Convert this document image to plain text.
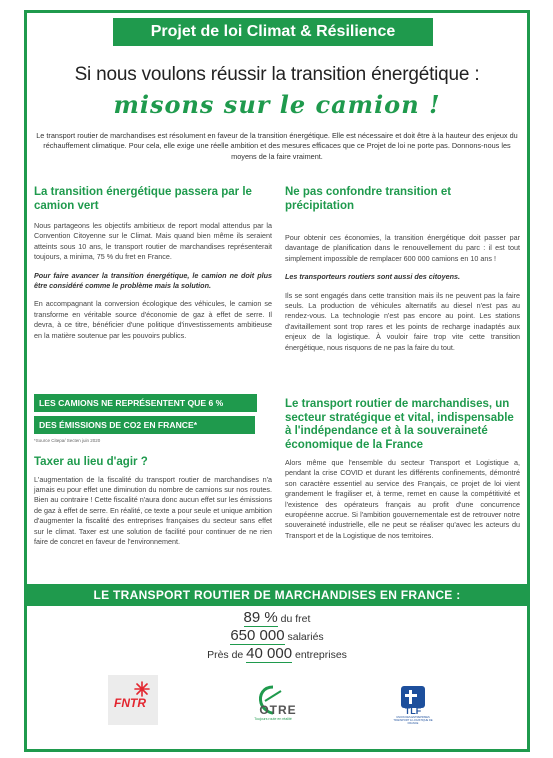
Projet de loi Climat & Résilience
Si nous voulons réussir la transition énergétique :
misons sur le camion !
Le transport routier de marchandises est résolument en faveur de la transition énergétique. Elle est nécessaire et doit être à la hauteur des enjeux du réchauffement climatique. Pour cela, elle exige une réelle ambition et des mesures efficaces que ce Projet de loi ne porte pas. Donnons-nous les moyens de la faire vraiment.
La transition énergétique passera par le camion vert
Nous partageons les objectifs ambitieux de report modal attendus par la Convention Citoyenne sur le Climat. Mais quand bien même ils seraient atteints sous 10 ans, le transport routier de marchandises représenterait toujours, a minima, 75 % du fret en France.
Pour faire avancer la transition énergétique, le camion ne doit plus être considéré comme le problème mais la solution.
En accompagnant la conversion écologique des véhicules, le camion se transforme en véritable source d'économie de gaz à effet de serre. Il devra, à ce titre, bénéficier d'une politique d'investissements ambitieuse en la matière soutenue par les pouvoirs publics.
LES CAMIONS NE REPRÉSENTENT QUE 6 %
DES ÉMISSIONS DE CO2 EN FRANCE*
*Source Citepa/ Secten juin 2020
Taxer au lieu d'agir ?
L'augmentation de la fiscalité du transport routier de marchandises n'a jamais eu pour effet une diminution du nombre de camions sur nos routes. Bien au contraire ! Cette fiscalité n'aura donc aucun effet sur les émissions de gaz à effet de serre. En réalité, ce texte a pour seule et unique ambition d'augmenter la fiscalité des entreprises françaises du secteur sans effet sur le climat. Taxer est une solution de facilité pour continuer de ne rien faire de concret en faveur de l'environnement.
Ne pas confondre transition et précipitation
Pour obtenir ces économies, la transition énergétique doit passer par davantage de planification dans le renouvellement du parc : il est tout simplement impossible de remplacer 600 000 camions en 10 ans !
Les transporteurs routiers sont aussi des citoyens.
Ils se sont engagés dans cette transition mais ils ne peuvent pas la faire seuls. La production de véhicules alternatifs au diesel n'est pas au rendez-vous. La technologie n'est pas encore au point. Les stations d'avitaillement sont trop rares et les points de recharge inadaptés aux enjeux de la logistique. À vouloir faire trop vite cette transition énergétique, nous risquons de ne pas la faire du tout.
Le transport routier de marchandises, un secteur stratégique et vital, indispensable à l'indépendance et à la souveraineté économique de la France
Alors même que l'ensemble du secteur Transport et Logistique a, pendant la crise COVID et durant les différents confinements, démontré son caractère essentiel au service des Français, ce projet de loi vient grandement le fragiliser et, à terme, remet en cause la compétitivité et l'existence des opérateurs français au profit d'une concurrence européenne accrue. Si l'ambition gouvernementale est de retrouver notre souveraineté industrielle, elle ne peut se réaliser qu'avec les acteurs du Transport et de la Logistique de nos territoires.
LE TRANSPORT ROUTIER DE MARCHANDISES EN FRANCE :
89 % du fret
650 000 salariés
Près de 40 000 entreprises
FNTR	OTRE
Toujours route en réalité
TLF
UNION DES ENTREPRISES TRANSPORT & LOGISTIQUE DE FRANCE
